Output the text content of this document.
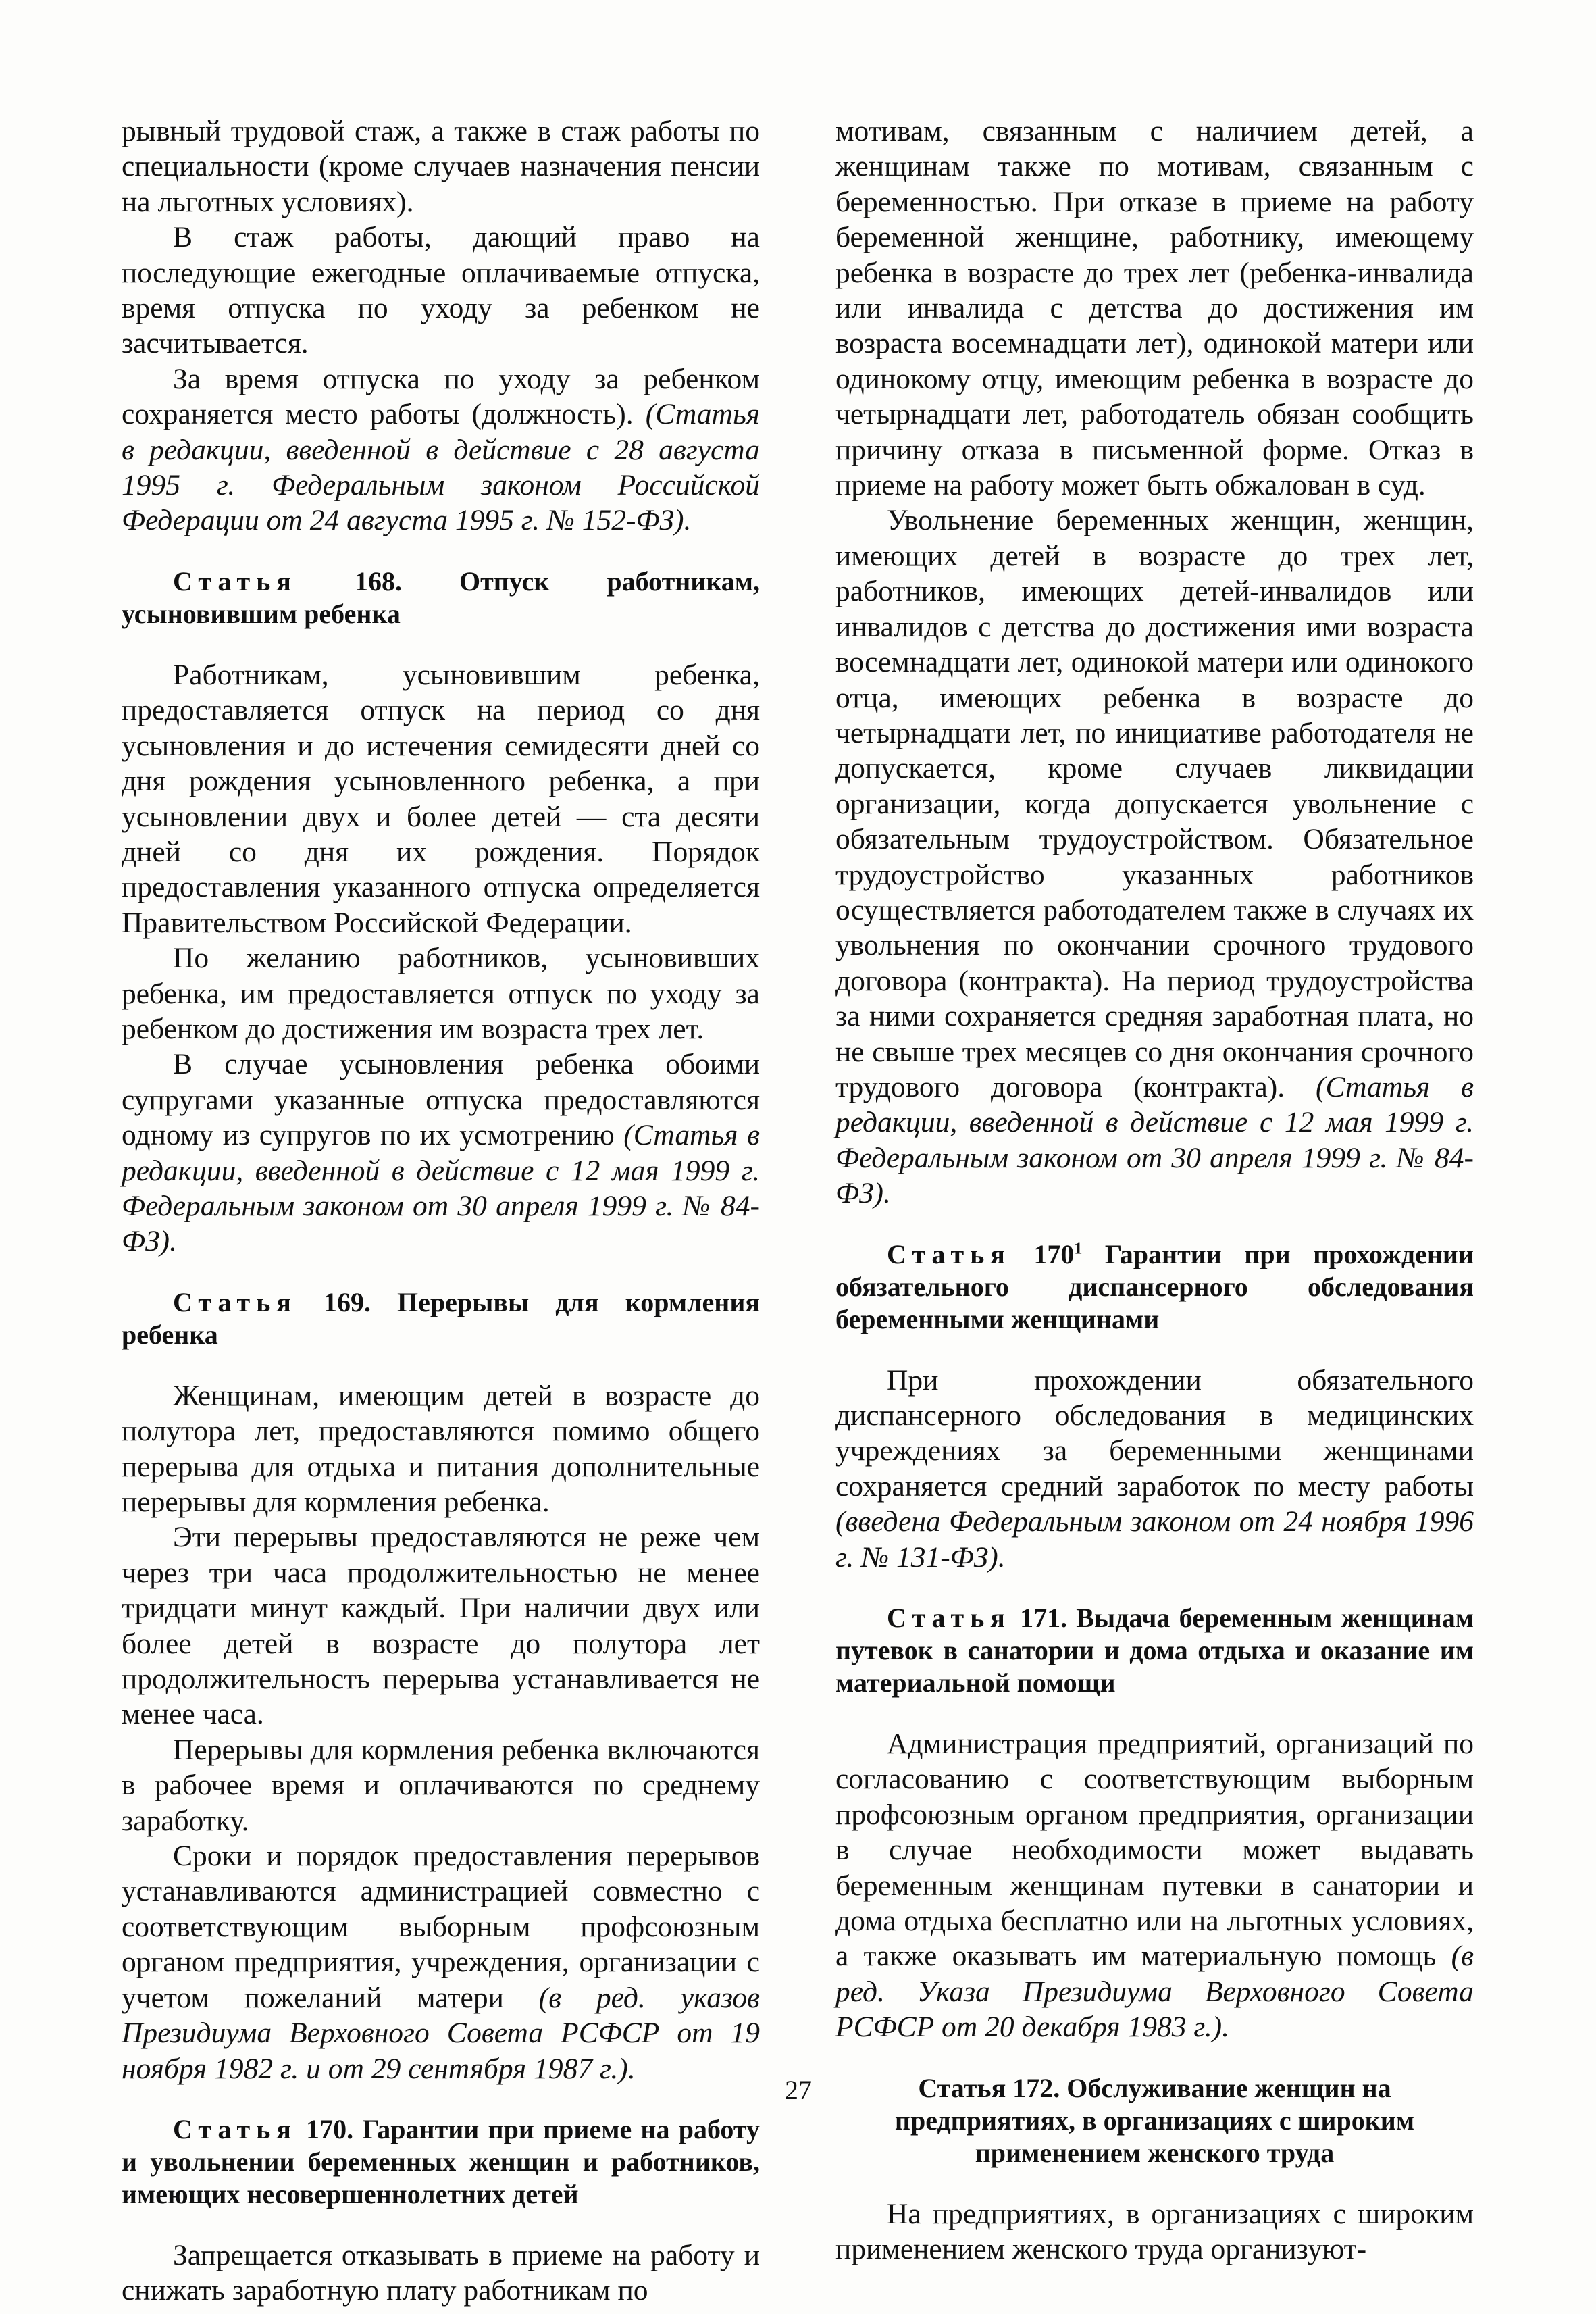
рывный трудовой стаж, а также в стаж работы по специальности (кроме случаев назначения пенсии на льготных условиях).

В стаж работы, дающий право на последующие ежегодные оплачиваемые отпуска, время отпуска по уходу за ребенком не засчитывается.

За время отпуска по уходу за ребенком сохраняется место работы (должность). (Статья в редакции, введенной в действие с 28 августа 1995 г. Федеральным законом Российской Федерации от 24 августа 1995 г. № 152-ФЗ).

Статья 168. Отпуск работникам, усыновившим ребенка

Работникам, усыновившим ребенка, предоставляется отпуск на период со дня усыновления и до истечения семидесяти дней со дня рождения усыновленного ребенка, а при усыновлении двух и более детей — ста десяти дней со дня их рождения. Порядок предоставления указанного отпуска определяется Правительством Российской Федерации.

По желанию работников, усыновивших ребенка, им предоставляется отпуск по уходу за ребенком до достижения им возраста трех лет.

В случае усыновления ребенка обоими супругами указанные отпуска предоставляются одному из супругов по их усмотрению (Статья в редакции, введенной в действие с 12 мая 1999 г. Федеральным законом от 30 апреля 1999 г. № 84-ФЗ).

Статья 169. Перерывы для кормления ребенка

Женщинам, имеющим детей в возрасте до полутора лет, предоставляются помимо общего перерыва для отдыха и питания дополнительные перерывы для кормления ребенка.

Эти перерывы предоставляются не реже чем через три часа продолжительностью не менее тридцати минут каждый. При наличии двух или более детей в возрасте до полутора лет продолжительность перерыва устанавливается не менее часа.

Перерывы для кормления ребенка включаются в рабочее время и оплачиваются по среднему заработку.

Сроки и порядок предоставления перерывов устанавливаются администрацией совместно с соответствующим выборным профсоюзным органом предприятия, учреждения, организации с учетом пожеланий матери (в ред. указов Президиума Верховного Совета РСФСР от 19 ноября 1982 г. и от 29 сентября 1987 г.).

Статья 170. Гарантии при приеме на работу и увольнении беременных женщин и работников, имеющих несовершеннолетних детей

Запрещается отказывать в приеме на работу и снижать заработную плату работникам по

мотивам, связанным с наличием детей, а женщинам также по мотивам, связанным с беременностью. При отказе в приеме на работу беременной женщине, работнику, имеющему ребенка в возрасте до трех лет (ребенка-инвалида или инвалида с детства до достижения им возраста восемнадцати лет), одинокой матери или одинокому отцу, имеющим ребенка в возрасте до четырнадцати лет, работодатель обязан сообщить причину отказа в письменной форме. Отказ в приеме на работу может быть обжалован в суд.

Увольнение беременных женщин, женщин, имеющих детей в возрасте до трех лет, работников, имеющих детей-инвалидов или инвалидов с детства до достижения ими возраста восемнадцати лет, одинокой матери или одинокого отца, имеющих ребенка в возрасте до четырнадцати лет, по инициативе работодателя не допускается, кроме случаев ликвидации организации, когда допускается увольнение с обязательным трудоустройством. Обязательное трудоустройство указанных работников осуществляется работодателем также в случаях их увольнения по окончании срочного трудового договора (контракта). На период трудоустройства за ними сохраняется средняя заработная плата, но не свыше трех месяцев со дня окончания срочного трудового договора (контракта). (Статья в редакции, введенной в действие с 12 мая 1999 г. Федеральным законом от 30 апреля 1999 г. № 84-ФЗ).

Статья $170^1$ Гарантии при прохождении обязательного диспансерного обследования беременными женщинами

При прохождении обязательного диспансерного обследования в медицинских учреждениях за беременными женщинами сохраняется средний заработок по месту работы (введена Федеральным законом от 24 ноября 1996 г. № 131-ФЗ).

Статья 171. Выдача беременным женщинам путевок в санатории и дома отдыха и оказание им материальной помощи

Администрация предприятий, организаций по согласованию с соответствующим выборным профсоюзным органом предприятия, организации в случае необходимости может выдавать беременным женщинам путевки в санатории и дома отдыха бесплатно или на льготных условиях, а также оказывать им материальную помощь (в ред. Указа Президиума Верховного Совета РСФСР от 20 декабря 1983 г.).

Статья 172. Обслуживание женщин на предприятиях, в организациях с широким применением женского труда

На предприятиях, в организациях с широким применением женского труда организуют-

27
